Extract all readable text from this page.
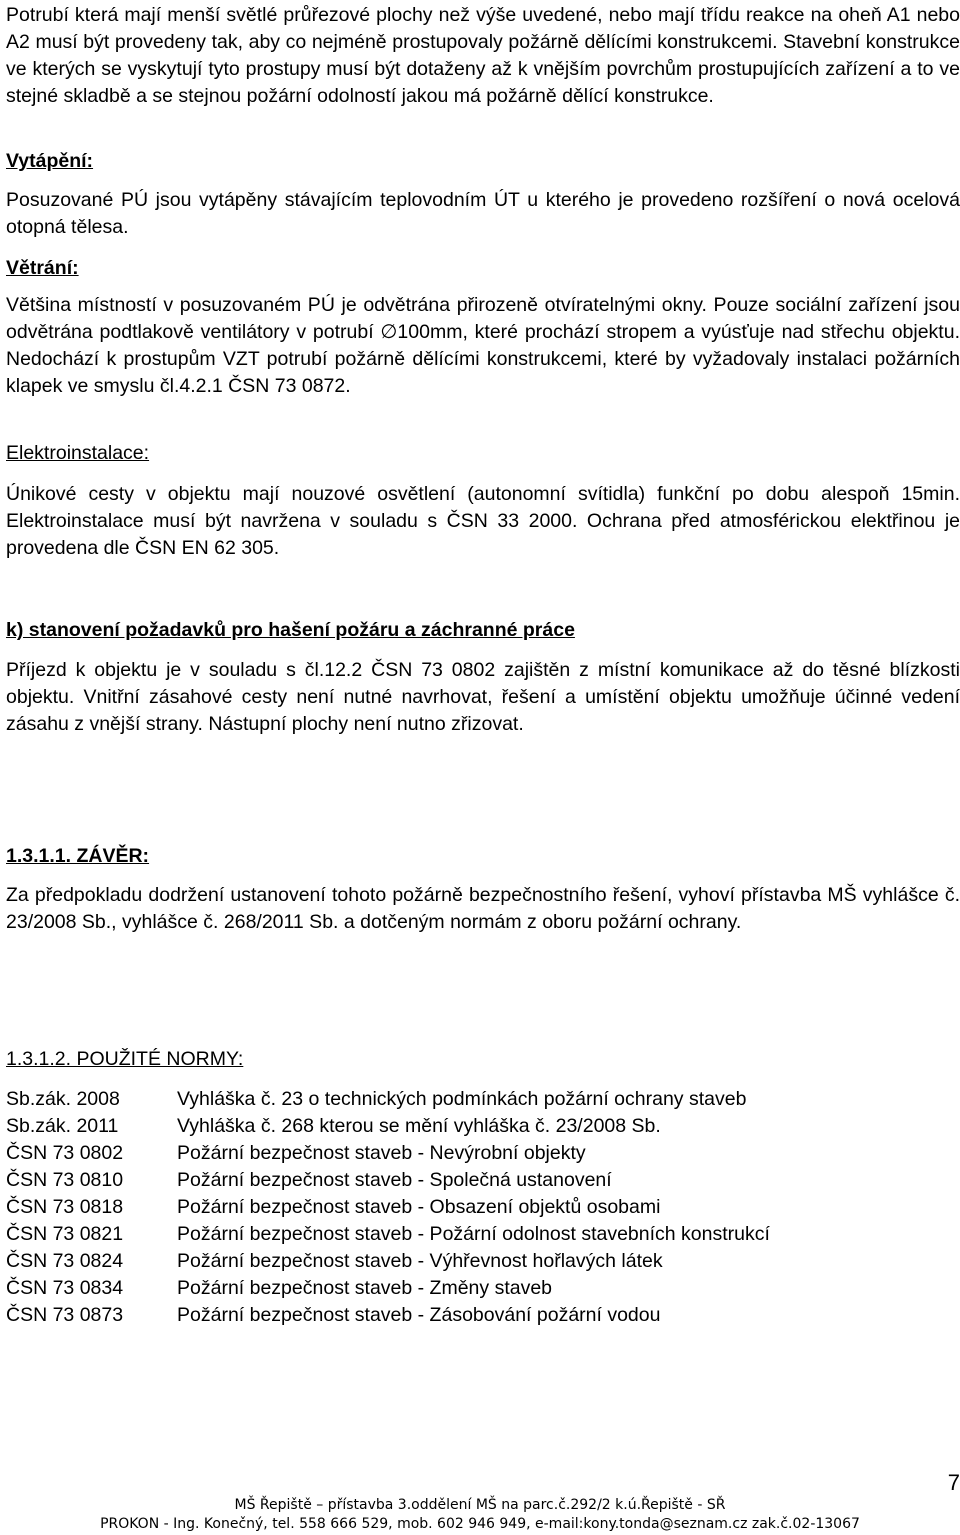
Potrubí která mají menší světlé průřezové plochy než výše uvedené, nebo mají třídu reakce na oheň A1 nebo A2 musí být provedeny tak, aby co nejméně prostupovaly požárně dělícími konstrukcemi. Stavební konstrukce ve kterých se vyskytují tyto prostupy musí být dotaženy až k vnějším povrchům prostupujících zařízení a to ve stejné skladbě a se stejnou požární odolností jakou má požárně dělící konstrukce.

Vytápění:

Posuzované PÚ jsou vytápěny stávajícím teplovodním ÚT u kterého je provedeno rozšíření o nová ocelová otopná tělesa.

Větrání:

Většina místností v posuzovaném PÚ je odvětrána přirozeně otvíratelnými okny. Pouze sociální zařízení jsou odvětrána podtlakově ventilátory v potrubí ∅100mm, které prochází stropem a vyúsťuje nad střechu objektu. Nedochází k prostupům VZT potrubí požárně dělícími konstrukcemi, které by vyžadovaly instalaci požárních klapek ve smyslu čl.4.2.1 ČSN 73 0872.

Elektroinstalace:

Únikové cesty v objektu mají nouzové osvětlení (autonomní svítidla) funkční po dobu alespoň 15min. Elektroinstalace musí být navržena v souladu s ČSN 33 2000. Ochrana před atmosférickou elektřinou je provedena dle ČSN EN 62 305.

k) stanovení požadavků pro hašení požáru a záchranné práce

Příjezd k objektu je v souladu s čl.12.2 ČSN 73 0802 zajištěn z místní komunikace až do těsné blízkosti objektu. Vnitřní zásahové cesty není nutné navrhovat, řešení a umístění objektu umožňuje účinné vedení zásahu z vnější strany. Nástupní plochy není nutno zřizovat.

1.3.1.1. ZÁVĚR:

Za předpokladu dodržení ustanovení tohoto požárně bezpečnostního řešení, vyhoví přístavba MŠ vyhlášce č. 23/2008 Sb., vyhlášce č. 268/2011 Sb. a dotčeným normám z oboru požární ochrany.

1.3.1.2. POUŽITÉ NORMY:
Sb.zák. 2008	Vyhláška č. 23 o technických podmínkách požární ochrany staveb
Sb.zák. 2011	Vyhláška č. 268 kterou se mění vyhláška č. 23/2008 Sb.
ČSN 73 0802	Požární bezpečnost staveb - Nevýrobní objekty
ČSN 73 0810	Požární bezpečnost staveb - Společná ustanovení
ČSN 73 0818	Požární bezpečnost staveb - Obsazení objektů osobami
ČSN 73 0821	Požární bezpečnost staveb - Požární odolnost stavebních konstrukcí
ČSN 73 0824	Požární bezpečnost staveb - Výhřevnost hořlavých látek
ČSN 73 0834	Požární bezpečnost staveb - Změny staveb
ČSN 73 0873	Požární bezpečnost staveb - Zásobování požární vodou
7
MŠ Řepiště – přístavba 3.oddělení MŠ na parc.č.292/2 k.ú.Řepiště - SŘ
PROKON - Ing. Konečný, tel. 558 666 529, mob. 602 946 949, e-mail:kony.tonda@seznam.cz zak.č.02-13067
